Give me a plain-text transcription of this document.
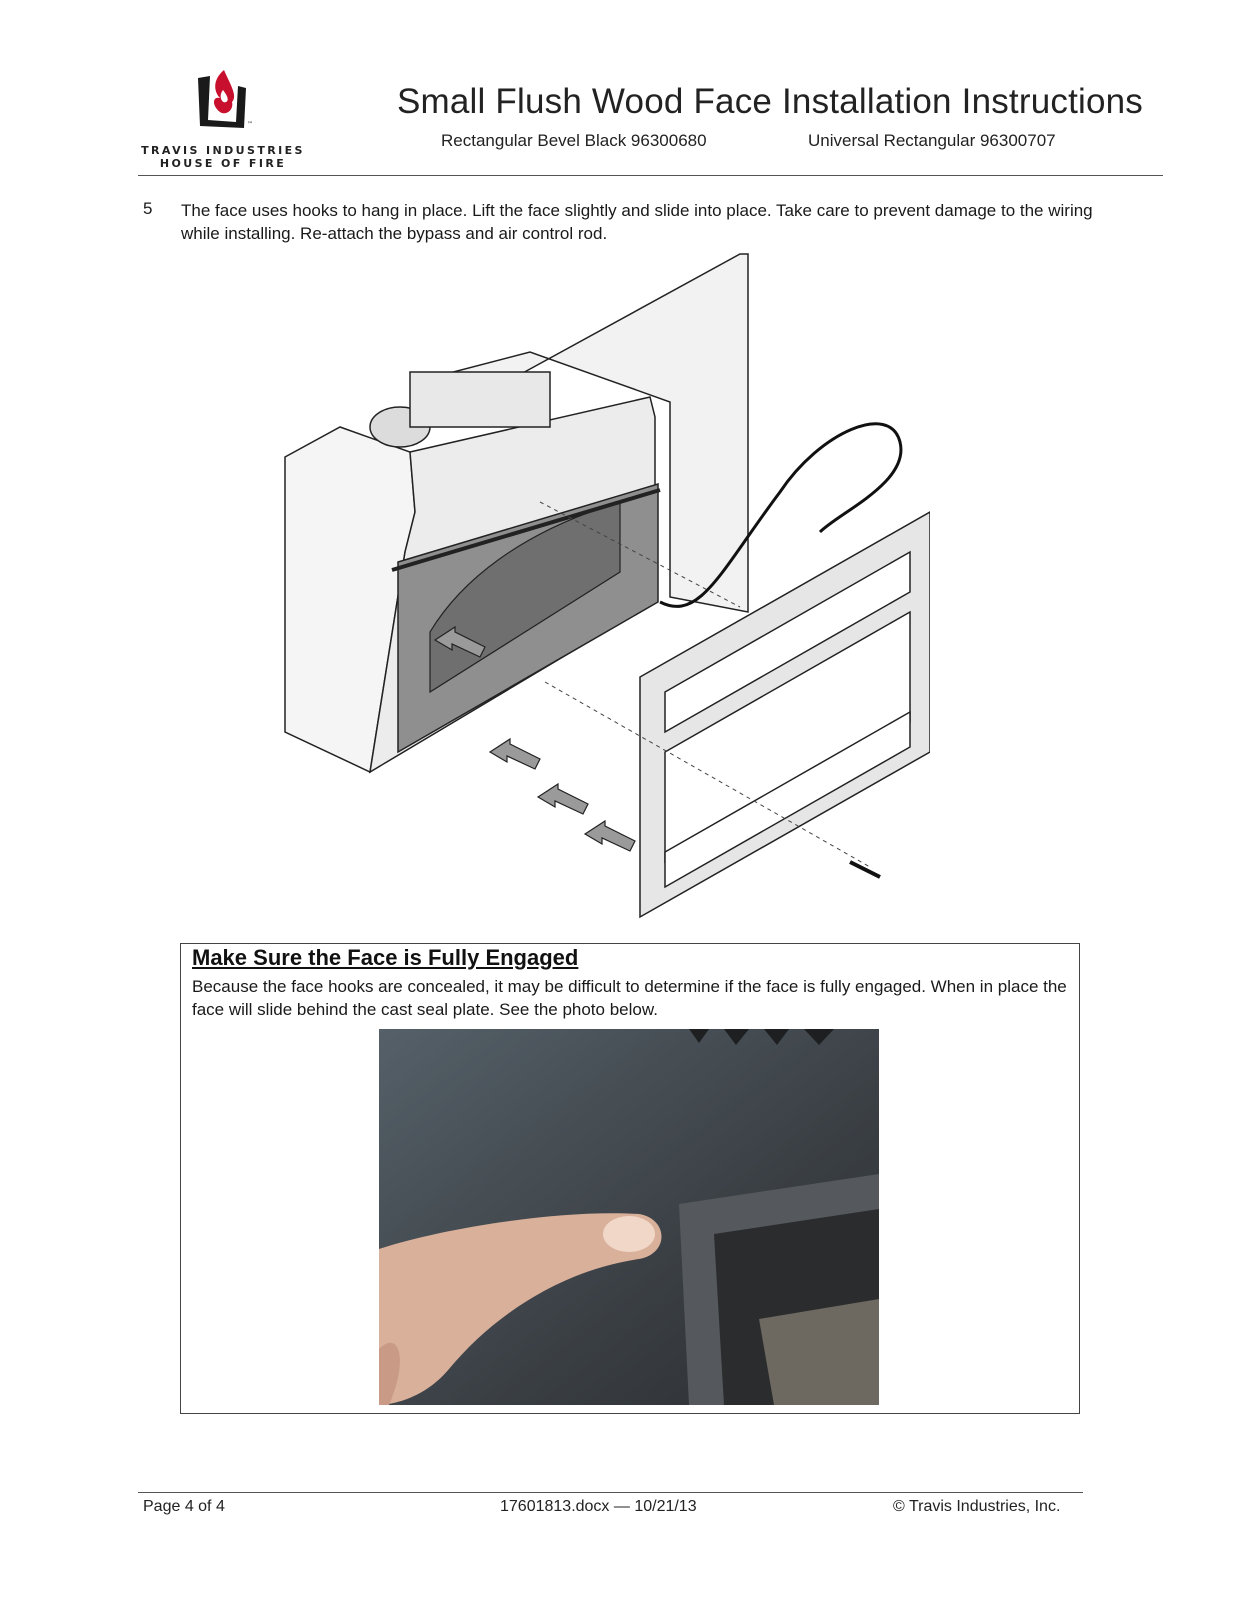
™
TRAVIS INDUSTRIES
HOUSE OF FIRE
Small Flush Wood Face Installation Instructions
Rectangular Bevel Black 96300680	Universal Rectangular 96300707
5 The face uses hooks to hang in place. Lift the face slightly and slide into place. Take care to prevent damage to the wiring while installing. Re-attach the bypass and air control rod.
Make Sure the Face is Fully Engaged
Because the face hooks are concealed, it may be difficult to determine if the face is fully engaged. When in place the face will slide behind the cast seal plate. See the photo below.
Page 4 of 4	17601813.docx — 10/21/13	© Travis Industries, Inc.
